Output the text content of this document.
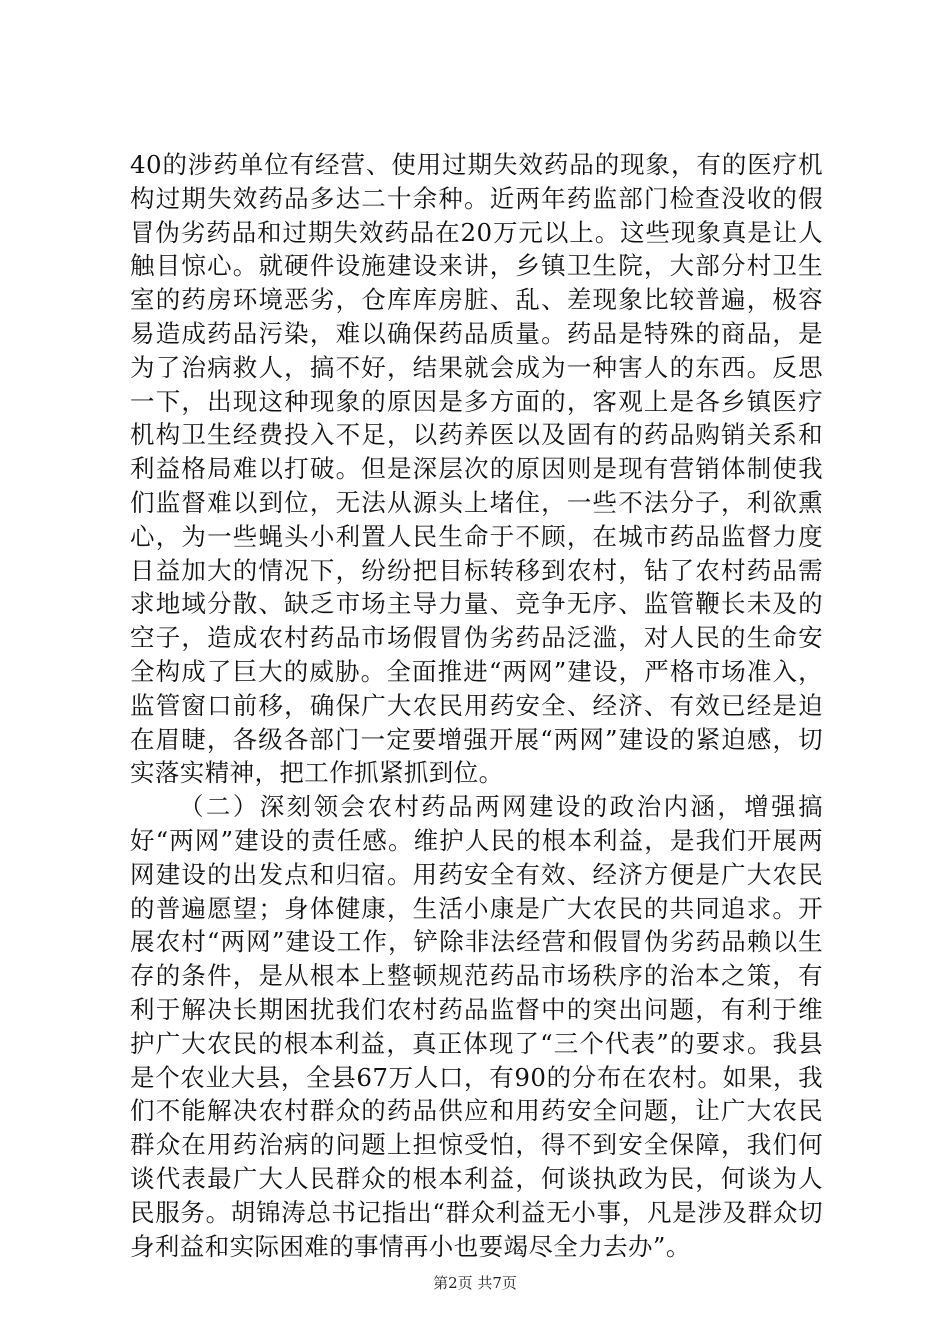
40的涉药单位有经营、使用过期失效药品的现象，有的医疗机构过期失效药品多达二十余种。近两年药监部门检查没收的假冒伪劣药品和过期失效药品在20万元以上。这些现象真是让人触目惊心。就硬件设施建设来讲，乡镇卫生院，大部分村卫生室的药房环境恶劣，仓库库房脏、乱、差现象比较普遍，极容易造成药品污染，难以确保药品质量。药品是特殊的商品，是为了治病救人，搞不好，结果就会成为一种害人的东西。反思一下，出现这种现象的原因是多方面的，客观上是各乡镇医疗机构卫生经费投入不足，以药养医以及固有的药品购销关系和利益格局难以打破。但是深层次的原因则是现有营销体制使我们监督难以到位，无法从源头上堵住，一些不法分子，利欲熏心，为一些蝇头小利置人民生命于不顾，在城市药品监督力度日益加大的情况下，纷纷把目标转移到农村，钻了农村药品需求地域分散、缺乏市场主导力量、竞争无序、监管鞭长未及的空子，造成农村药品市场假冒伪劣药品泛滥，对人民的生命安全构成了巨大的威胁。全面推进“两网”建设，严格市场准入，监管窗口前移，确保广大农民用药安全、经济、有效已经是迫在眉睫，各级各部门一定要增强开展“两网”建设的紧迫感，切实落实精神，把工作抓紧抓到位。

（二）深刻领会农村药品两网建设的政治内涵，增强搞好“两网”建设的责任感。维护人民的根本利益，是我们开展两网建设的出发点和归宿。用药安全有效、经济方便是广大农民的普遍愿望；身体健康，生活小康是广大农民的共同追求。开展农村“两网”建设工作，铲除非法经营和假冒伪劣药品赖以生存的条件，是从根本上整顿规范药品市场秩序的治本之策，有利于解决长期困扰我们农村药品监督中的突出问题，有利于维护广大农民的根本利益，真正体现了“三个代表”的要求。我县是个农业大县，全县67万人口，有90的分布在农村。如果，我们不能解决农村群众的药品供应和用药安全问题，让广大农民群众在用药治病的问题上担惊受怕，得不到安全保障，我们何谈代表最广大人民群众的根本利益，何谈执政为民，何谈为人民服务。胡锦涛总书记指出“群众利益无小事，凡是涉及群众切身利益和实际困难的事情再小也要竭尽全力去办”。

第2页 共7页
